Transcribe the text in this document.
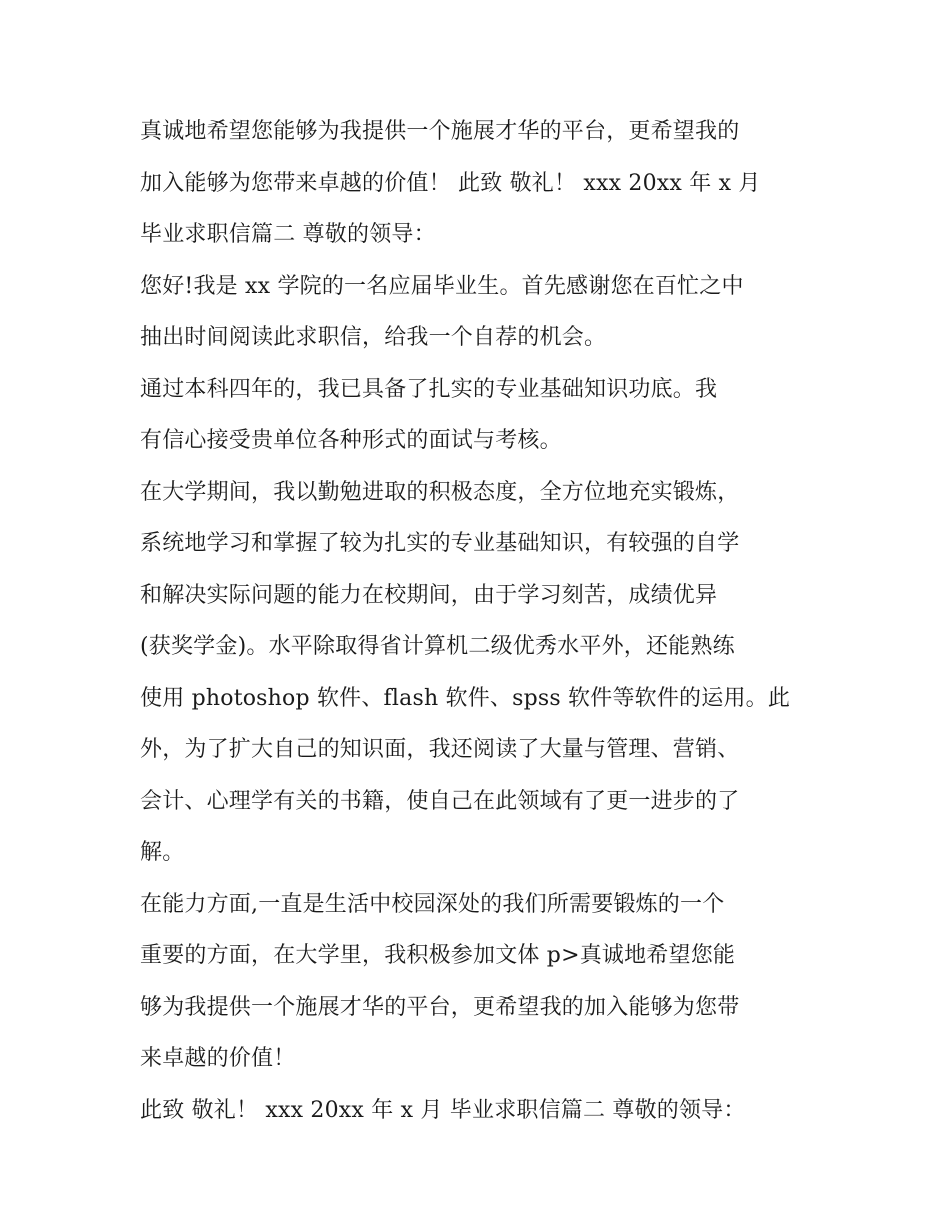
真诚地希望您能够为我提供一个施展才华的平台，更希望我的
加入能够为您带来卓越的价值！ 此致 敬礼！ xxx 20xx 年 x 月
毕业求职信篇二 尊敬的领导：
您好!我是 xx 学院的一名应届毕业生。首先感谢您在百忙之中
抽出时间阅读此求职信，给我一个自荐的机会。
通过本科四年的，我已具备了扎实的专业基础知识功底。我
有信心接受贵单位各种形式的面试与考核。
在大学期间，我以勤勉进取的积极态度，全方位地充实锻炼，
系统地学习和掌握了较为扎实的专业基础知识，有较强的自学
和解决实际问题的能力在校期间，由于学习刻苦，成绩优异
(获奖学金)。水平除取得省计算机二级优秀水平外，还能熟练
使用 photoshop 软件、flash 软件、spss 软件等软件的运用。此
外，为了扩大自己的知识面，我还阅读了大量与管理、营销、
会计、心理学有关的书籍，使自己在此领域有了更一进步的了
解。
在能力方面,一直是生活中校园深处的我们所需要锻炼的一个
重要的方面，在大学里，我积极参加文体 p>真诚地希望您能
够为我提供一个施展才华的平台，更希望我的加入能够为您带
来卓越的价值！
此致 敬礼！ xxx 20xx 年 x 月 毕业求职信篇二 尊敬的领导：
